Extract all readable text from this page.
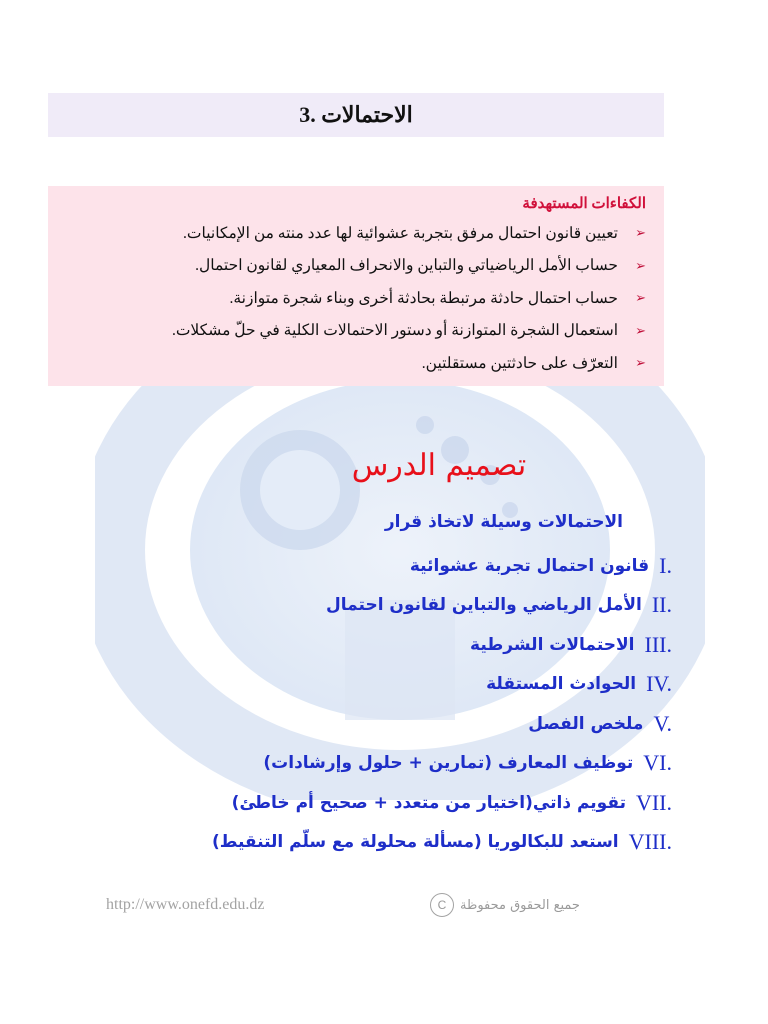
3. الاحتمالات
الكفاءات المستهدفة
➢
تعيين قانون احتمال مرفق بتجربة عشوائية لها عدد منته من الإمكانيات.
➢
حساب الأمل الرياضياتي والتباين والانحراف المعياري لقانون احتمال.
➢
حساب احتمال حادثة مرتبطة بحادثة أخرى وبناء شجرة متوازنة.
➢
استعمال الشجرة المتوازنة أو دستور الاحتمالات الكلية في حلّ مشكلات.
➢
التعرّف على حادثتين مستقلتين.
تصميم الدرس
الاحتمالات وسيلة لاتخاذ قرار
I.
قانون احتمال تجربة عشوائية
II.
الأمل الرياضي والتباين لقانون احتمال
III.
الاحتمالات الشرطية
IV.
الحوادث المستقلة
V.
ملخص الفصل
VI.
توظيف المعارف (تمارين + حلول وإرشادات)
VII.
تقويم ذاتي(اختيار من متعدد + صحيح أم خاطئ)
VIII.
استعد للبكالوريا (مسألة محلولة مع سلّم التنقيط)
http://www.onefd.edu.dz	جميع الحقوق محفوظة
C
